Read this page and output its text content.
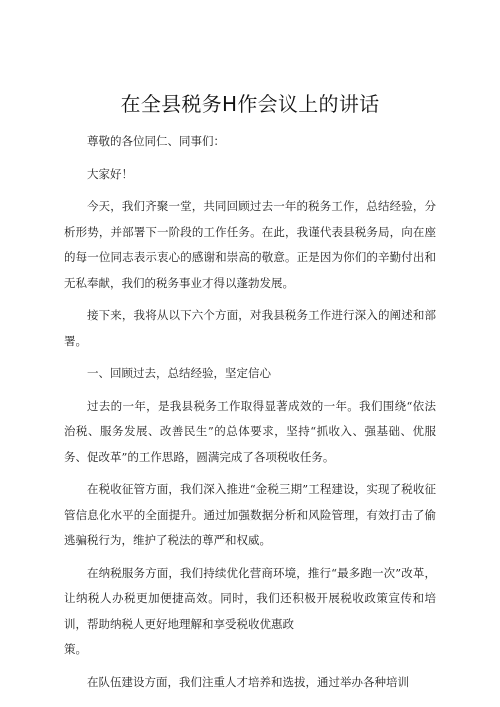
在全县税务H作会议上的讲话

尊敬的各位同仁、同事们：

大家好！

今天，我们齐聚一堂，共同回顾过去一年的税务工作，总结经验，分析形势，并部署下一阶段的工作任务。在此，我谨代表县税务局，向在座的每一位同志表示衷心的感谢和崇高的敬意。正是因为你们的辛勤付出和无私奉献，我们的税务事业才得以蓬勃发展。

接下来，我将从以下六个方面，对我县税务工作进行深入的阐述和部署。

一、回顾过去，总结经验，坚定信心

过去的一年，是我县税务工作取得显著成效的一年。我们围绕“依法治税、服务发展、改善民生”的总体要求，坚持“抓收入、强基础、优服务、促改革”的工作思路，圆满完成了各项税收任务。

在税收征管方面，我们深入推进“金税三期”工程建设，实现了税收征管信息化水平的全面提升。通过加强数据分析和风险管理，有效打击了偷逃骗税行为，维护了税法的尊严和权威。

在纳税服务方面，我们持续优化营商环境，推行“最多跑一次”改革，让纳税人办税更加便捷高效。同时，我们还积极开展税收政策宣传和培训，帮助纳税人更好地理解和享受税收优惠政

策。

在队伍建设方面，我们注重人才培养和选拔，通过举办各种培训
